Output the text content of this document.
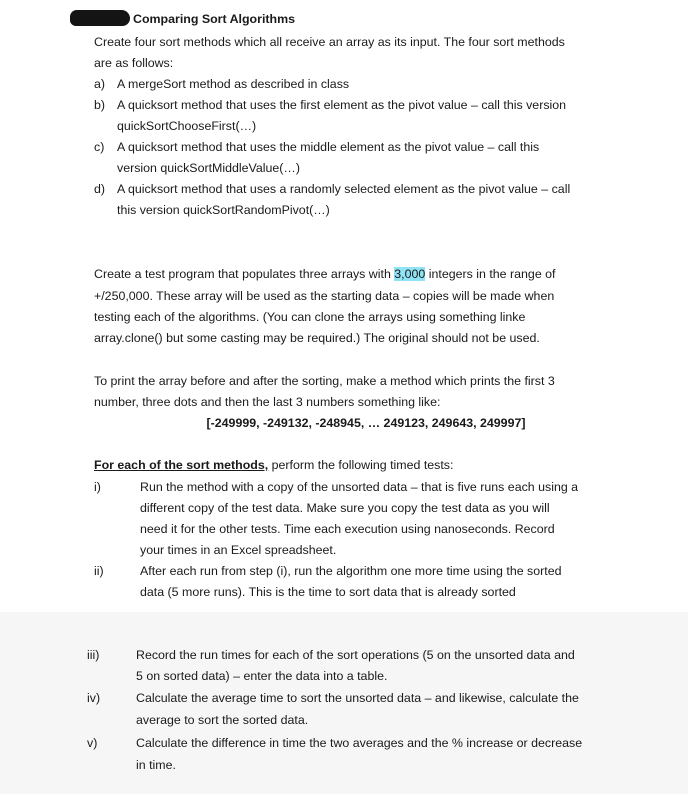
Comparing Sort Algorithms
Create four sort methods which all receive an array as its input. The four sort methods
are as follows:
a) A mergeSort method as described in class
b) A quicksort method that uses the first element as the pivot value – call this version
quickSortChooseFirst(…)
c) A quicksort method that uses the middle element as the pivot value – call this
version quickSortMiddleValue(…)
d) A quicksort method that uses a randomly selected element as the pivot value – call
this version quickSortRandomPivot(…)
Create a test program that populates three arrays with 3,000 integers in the range of
+/250,000. These array will be used as the starting data – copies will be made when
testing each of the algorithms. (You can clone the arrays using something linke
array.clone() but some casting may be required.) The original should not be used.
To print the array before and after the sorting, make a method which prints the first 3
number, three dots and then the last 3 numbers something like:
[-249999, -249132, -248945, … 249123, 249643, 249997]
For each of the sort methods, perform the following timed tests:
i)	Run the method with a copy of the unsorted data – that is five runs each using a
different copy of the test data. Make sure you copy the test data as you will
need it for the other tests. Time each execution using nanoseconds. Record
your times in an Excel spreadsheet.
ii)	After each run from step (i), run the algorithm one more time using the sorted
data (5 more runs). This is the time to sort data that is already sorted
iii)	Record the run times for each of the sort operations (5 on the unsorted data and
5 on sorted data) – enter the data into a table.
iv)	Calculate the average time to sort the unsorted data – and likewise, calculate the
average to sort the sorted data.
v)	Calculate the difference in time the two averages and the % increase or decrease
in time.
